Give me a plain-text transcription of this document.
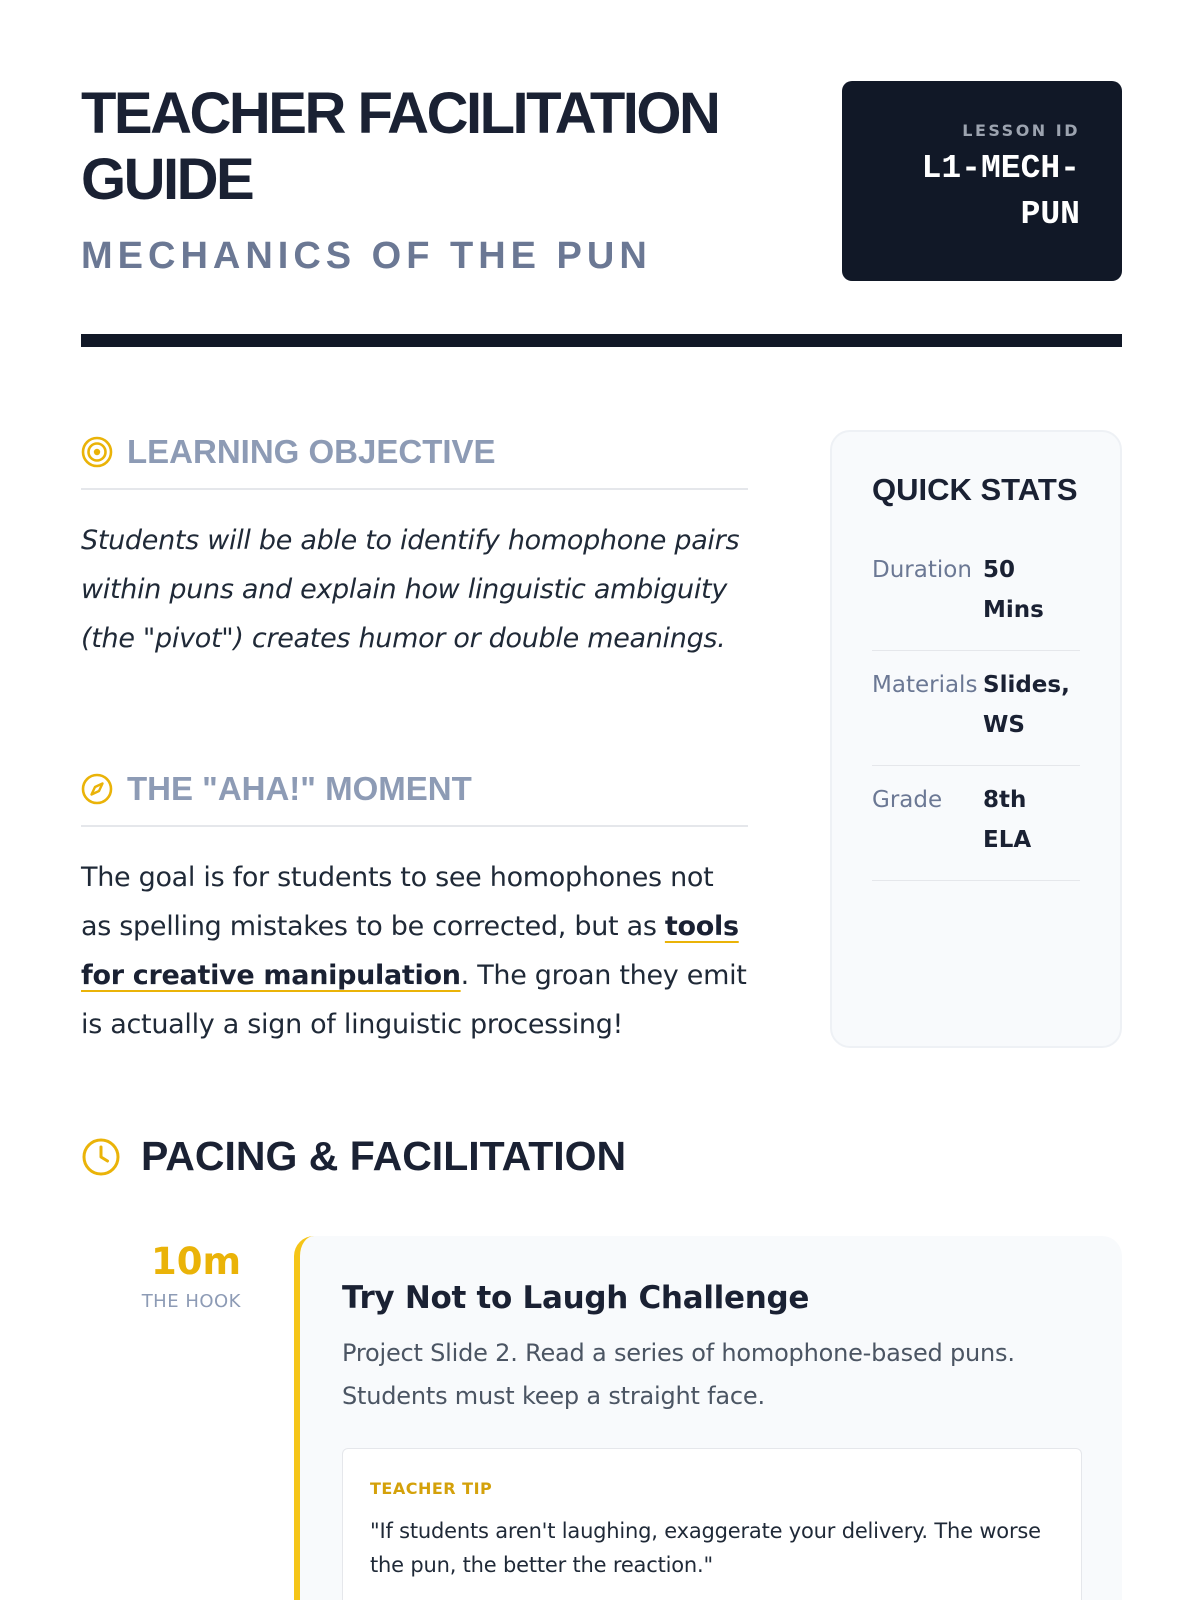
TEACHER FACILITATION GUIDE
MECHANICS OF THE PUN
LESSON ID
L1-MECH-PUN
LEARNING OBJECTIVE

Students will be able to identify homophone pairs within puns and explain how linguistic ambiguity (the "pivot") creates humor or double meanings.

THE "AHA!" MOMENT

The goal is for students to see homophones not as spelling mistakes to be corrected, but as tools for creative manipulation. The groan they emit is actually a sign of linguistic processing!

QUICK STATS
Duration 50 Mins
Materials Slides, WS
Grade	8th ELA
PACING & FACILITATION
10m
THE HOOK	Try Not to Laugh Challenge

Project Slide 2. Read a series of homophone-based puns. Students must keep a straight face.

TEACHER TIP

"If students aren't laughing, exaggerate your delivery. The worse the pun, the better the reaction."
